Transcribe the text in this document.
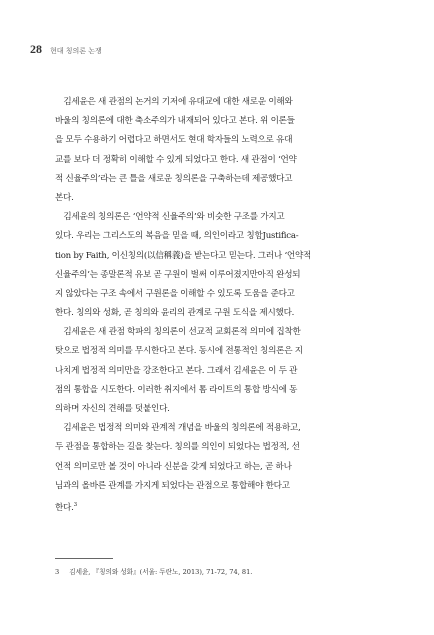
28 현대 칭의론 논쟁
　김세윤은 새 관점의 논거의 기저에 유대교에 대한 새로운 이해와
바울의 칭의론에 대한 축소주의가 내재되어 있다고 본다. 위 이론들
을 모두 수용하기 어렵다고 하면서도 현대 학자들의 노력으로 유대
교를 보다 더 정확히 이해할 수 있게 되었다고 한다. 새 관점이 ‘언약
적 신율주의’라는 큰 틀을 새로운 칭의론을 구축하는데 제공했다고
본다.
　김세윤의 칭의론은 ‘언약적 신율주의’와 비슷한 구조를 가지고
있다. 우리는 그리스도의 복음을 믿을 때, 의인이라고 칭함Justifica-
tion by Faith, 이신칭의(以信稱義)을 받는다고 믿는다. 그러나 ‘언약적
신율주의’는 종말론적 유보 곧 구원이 벌써 이루어졌지만아직 완성되
지 않았다는 구조 속에서 구원론을 이해할 수 있도록 도움을 준다고
한다. 칭의와 성화, 곧 칭의와 윤리의 관계로 구원 도식을 제시했다.
　김세윤은 새 관점 학파의 칭의론이 선교적 교회론적 의미에 집착한
탓으로 법정적 의미를 무시한다고 본다. 동시에 전통적인 칭의론은 지
나치게 법정적 의미만을 강조한다고 본다. 그래서 김세윤은 이 두 관
점의 통합을 시도한다. 이러한 취지에서 톰 라이트의 통합 방식에 동
의하며 자신의 견해를 덧붙인다.
　김세윤은 법정적 의미와 관계적 개념을 바울의 칭의론에 적용하고,
두 관점을 통합하는 길을 찾는다. 칭의를 의인이 되었다는 법정적, 선
언적 의미로만 볼 것이 아니라 신분을 갖게 되었다고 하는, 곧 하나
님과의 올바른 관계를 가지게 되었다는 관점으로 통합해야 한다고
한다.$^3$
3 김세윤, 『칭의와 성화』(서울: 두란노, 2013), 71-72, 74, 81.
